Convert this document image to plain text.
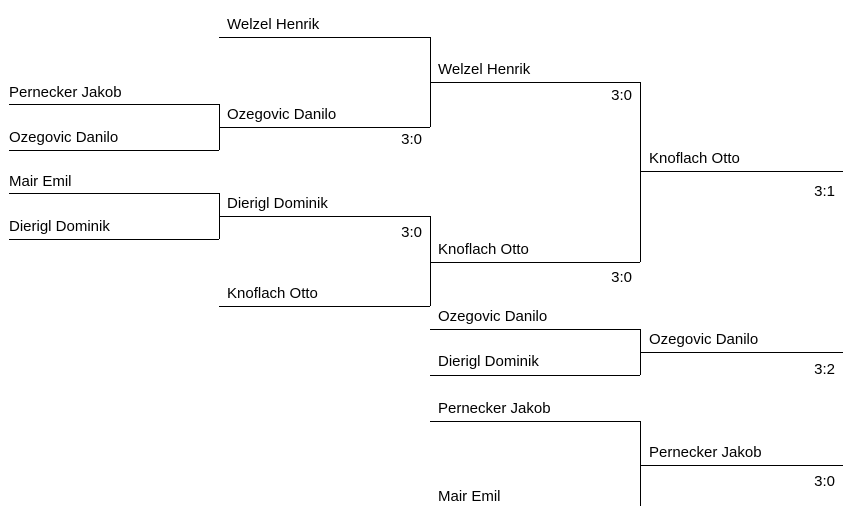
Pernecker Jakob
Ozegovic Danilo
Mair Emil
Dierigl Dominik
Welzel Henrik
Ozegovic Danilo
3:0
Dierigl Dominik
Knoflach Otto
3:0
Welzel Henrik
Knoflach Otto
3:0
3:0
Knoflach Otto
3:1
Ozegovic Danilo
Dierigl Dominik
Ozegovic Danilo
3:2
Pernecker Jakob
Mair Emil
Pernecker Jakob
3:0
